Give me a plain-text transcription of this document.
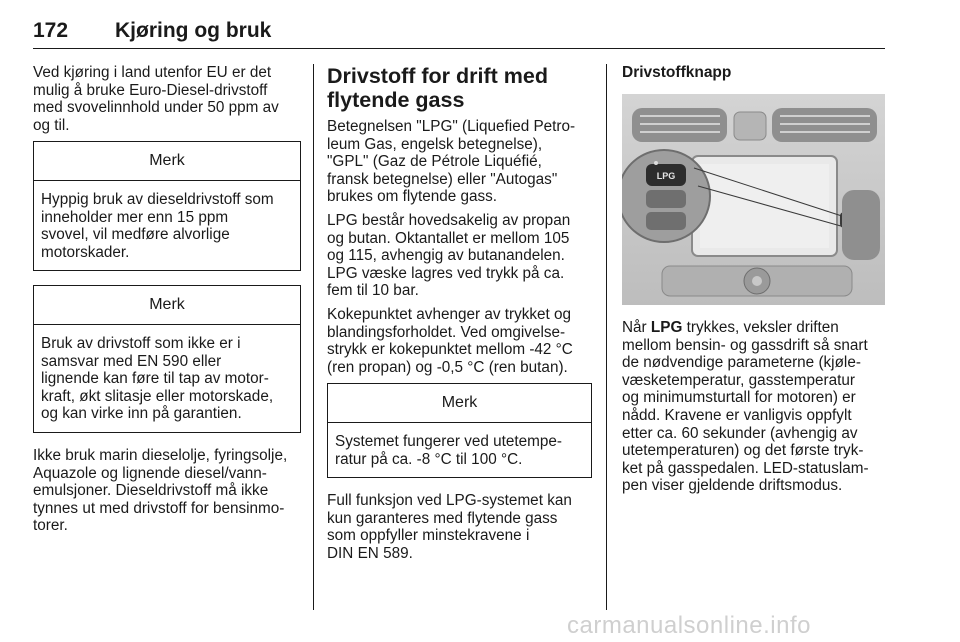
172 Kjøring og bruk

Ved kjøring i land utenfor EU er det
mulig å bruke Euro-Diesel-drivstoff
med svovelinnhold under 50 ppm av
og til.

Merk
Hyppig bruk av dieseldrivstoff som
inneholder mer enn 15 ppm
svovel, vil medføre alvorlige
motorskader.
Merk
Bruk av drivstoff som ikke er i
samsvar med EN 590 eller
lignende kan føre til tap av motor-
kraft, økt slitasje eller motorskade,
og kan virke inn på garantien.

Ikke bruk marin dieselolje, fyringsolje,
Aquazole og lignende diesel/vann-
emulsjoner. Dieseldrivstoff må ikke
tynnes ut med drivstoff for bensinmo-
torer.

Drivstoff for drift med
flytende gass

Betegnelsen "LPG" (Liquefied Petro-
leum Gas, engelsk betegnelse),
"GPL" (Gaz de Pétrole Liquéfié,
fransk betegnelse) eller "Autogas"
brukes om flytende gass.

LPG består hovedsakelig av propan
og butan. Oktantallet er mellom 105
og 115, avhengig av butanandelen.
LPG væske lagres ved trykk på ca.
fem til 10 bar.

Kokepunktet avhenger av trykket og
blandingsforholdet. Ved omgivelse-
strykk er kokepunktet mellom -42 °C
(ren propan) og -0,5 °C (ren butan).

Merk
Systemet fungerer ved utetempe-
ratur på ca. -8 °C til 100 °C.

Full funksjon ved LPG-systemet kan
kun garanteres med flytende gass
som oppfyller minstekravene i
DIN EN 589.

Drivstoffknapp
LPG

Når LPG trykkes, veksler driften
mellom bensin- og gassdrift så snart
de nødvendige parameterne (kjøle-
væsketemperatur, gasstemperatur
og minimumsturtall for motoren) er
nådd. Kravene er vanligvis oppfylt
etter ca. 60 sekunder (avhengig av
utetemperaturen) og det første tryk-
ket på gasspedalen. LED-statuslam-
pen viser gjeldende driftsmodus.

carmanualsonline.info
